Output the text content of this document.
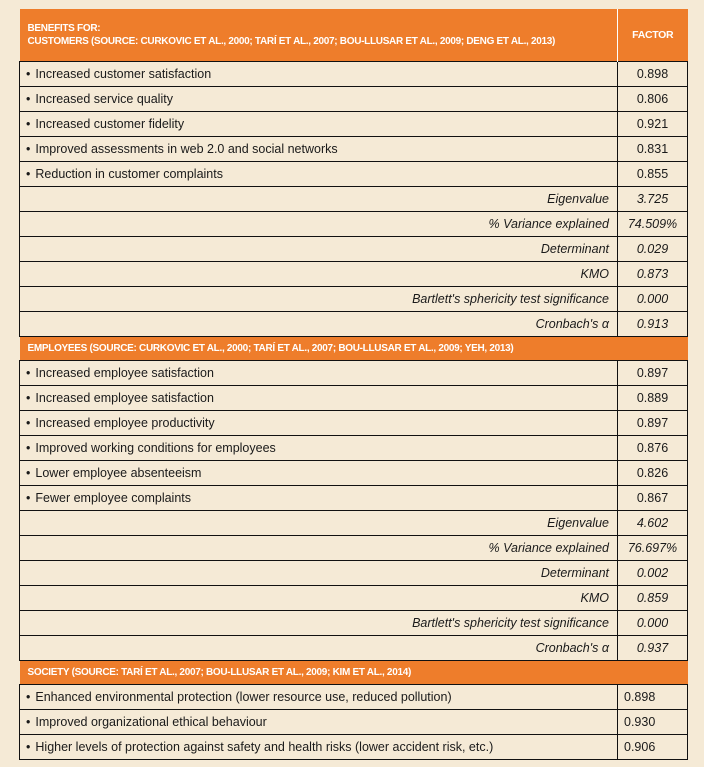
BENEFITS FOR:
CUSTOMERS (SOURCE: CURKOVIC ET AL., 2000; TARÍ ET AL., 2007; BOU-LLUSAR ET AL., 2009; DENG ET AL., 2013)	FACTOR
• Increased customer satisfaction	0.898
• Increased service quality	0.806
• Increased customer fidelity	0.921
• Improved assessments in web 2.0 and social networks	0.831
• Reduction in customer complaints	0.855
Eigenvalue	3.725
% Variance explained	74.509%
Determinant	0.029
KMO	0.873
Bartlett's sphericity test significance	0.000
Cronbach's α	0.913
EMPLOYEES (SOURCE: CURKOVIC ET AL., 2000; TARÍ ET AL., 2007; BOU-LLUSAR ET AL., 2009; YEH, 2013)	
• Increased employee satisfaction	0.897
• Increased employee satisfaction	0.889
• Increased employee productivity	0.897
• Improved working conditions for employees	0.876
• Lower employee absenteeism	0.826
• Fewer employee complaints	0.867
Eigenvalue	4.602
% Variance explained	76.697%
Determinant	0.002
KMO	0.859
Bartlett's sphericity test significance	0.000
Cronbach's α	0.937
SOCIETY (SOURCE: TARÍ ET AL., 2007; BOU-LLUSAR ET AL., 2009; KIM ET AL., 2014)	
• Enhanced environmental protection (lower resource use, reduced pollution)	0.898
• Improved organizational ethical behaviour	0.930
• Higher levels of protection against safety and health risks (lower accident risk, etc.)	0.906
